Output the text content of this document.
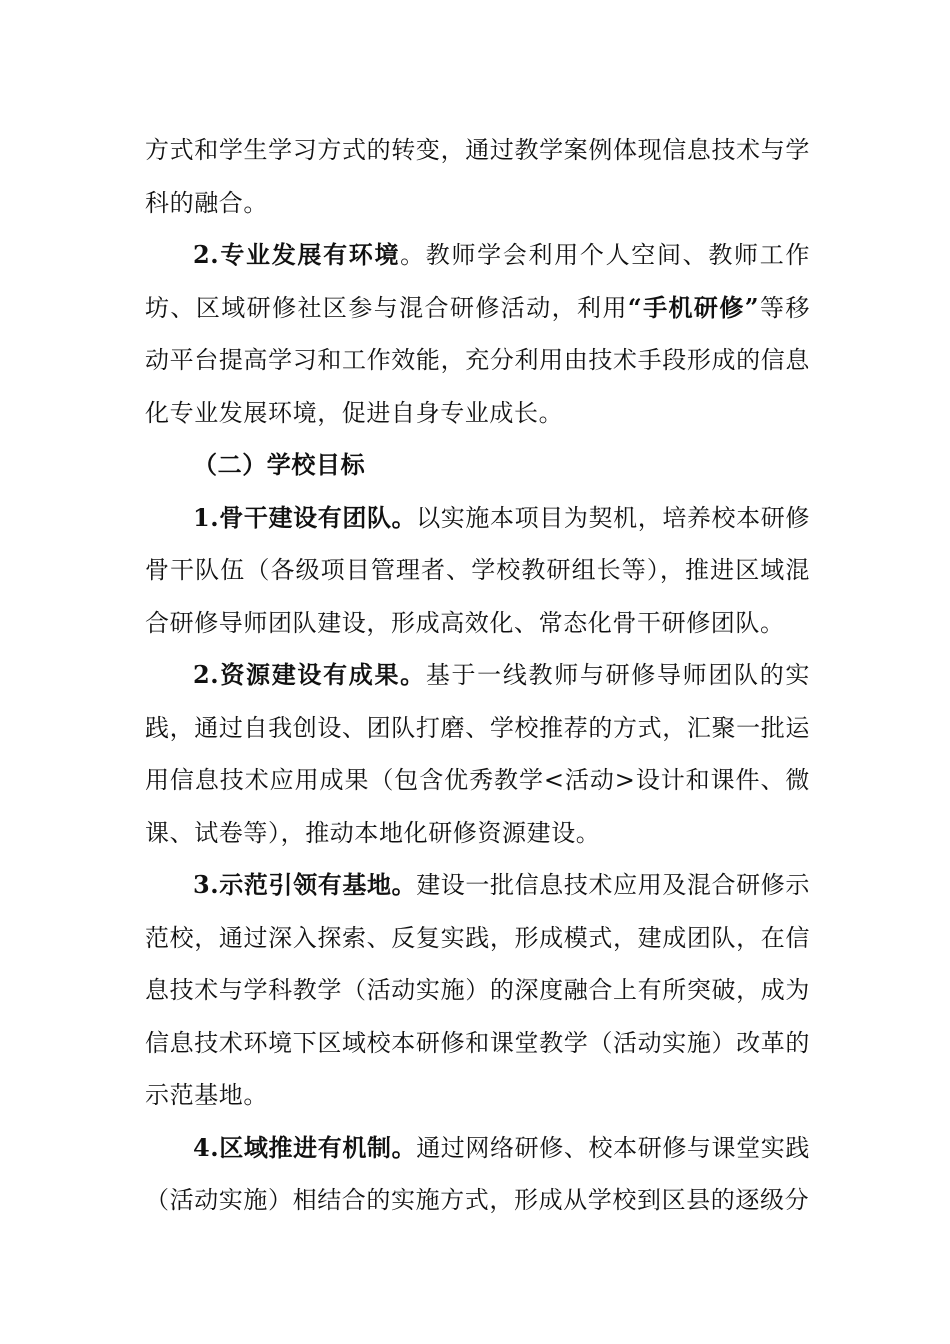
方式和学生学习方式的转变，通过教学案例体现信息技术与学科的融合。

2.专业发展有环境。教师学会利用个人空间、教师工作坊、区域研修社区参与混合研修活动，利用“手机研修”等移动平台提高学习和工作效能，充分利用由技术手段形成的信息化专业发展环境，促进自身专业成长。

（二）学校目标

1.骨干建设有团队。以实施本项目为契机，培养校本研修骨干队伍（各级项目管理者、学校教研组长等），推进区域混合研修导师团队建设，形成高效化、常态化骨干研修团队。

2.资源建设有成果。基于一线教师与研修导师团队的实践，通过自我创设、团队打磨、学校推荐的方式，汇聚一批运用信息技术应用成果（包含优秀教学<活动>设计和课件、微课、试卷等），推动本地化研修资源建设。

3.示范引领有基地。建设一批信息技术应用及混合研修示范校，通过深入探索、反复实践，形成模式，建成团队，在信息技术与学科教学（活动实施）的深度融合上有所突破，成为信息技术环境下区域校本研修和课堂教学（活动实施）改革的示范基地。

4.区域推进有机制。通过网络研修、校本研修与课堂实践（活动实施）相结合的实施方式，形成从学校到区县的逐级分
